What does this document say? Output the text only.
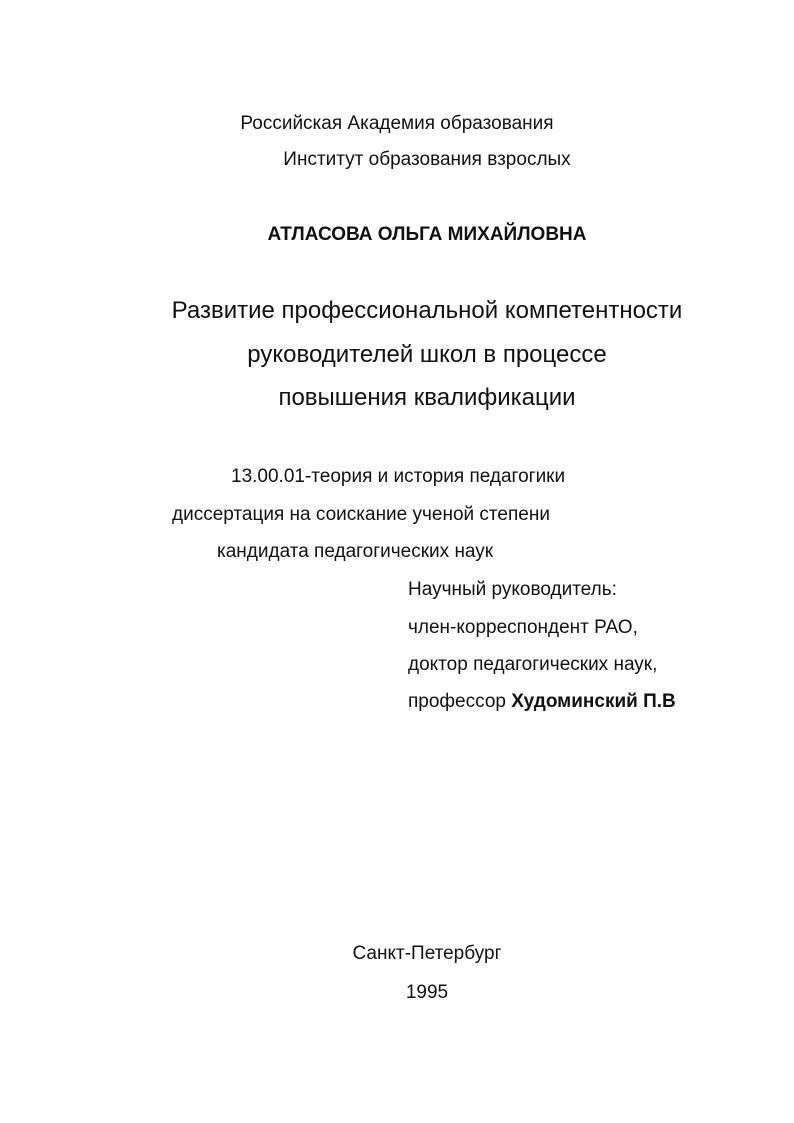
Российская Академия образования
Институт образования взрослых
АТЛАСОВА ОЛЬГА МИХАЙЛОВНА
Развитие профессиональной компетентности
руководителей школ в процессе
повышения квалификации
13.00.01-теория и история педагогики
диссертация на соискание ученой степени
кандидата педагогических наук
Научный руководитель:
член-корреспондент РАО,
доктор педагогических наук,
профессор Худоминский П.В
Санкт-Петербург
1995
